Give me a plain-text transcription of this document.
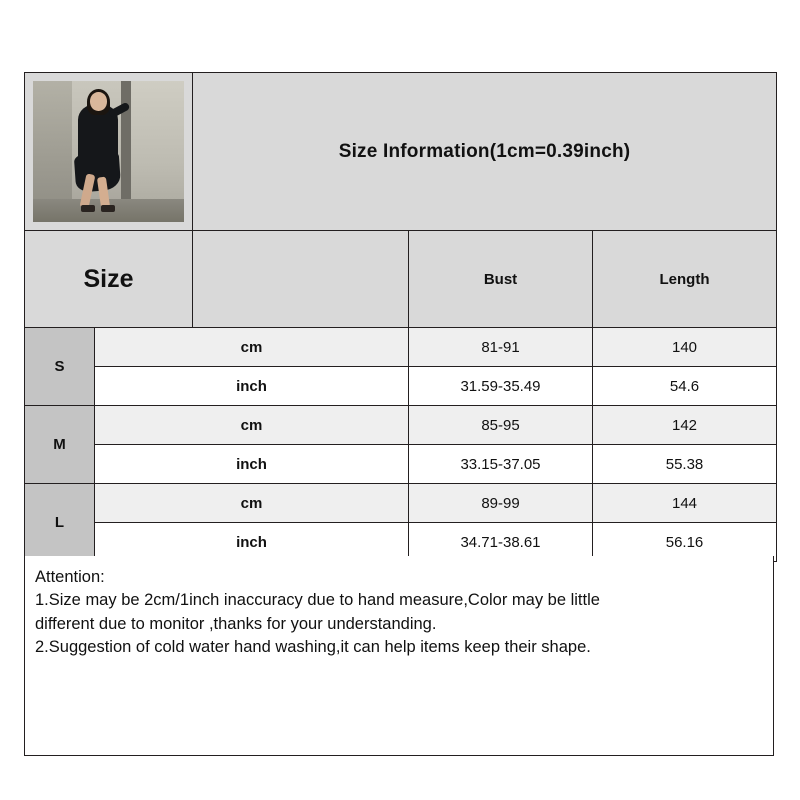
		Size Information(1cm=0.39inch)		
Size			Bust	Length
S	cm		81-91	140
	inch		31.59-35.49	54.6
M	cm		85-95	142
	inch		33.15-37.05	55.38
L	cm		89-99	144
	inch		34.71-38.61	56.16

Attention:

1.Size may be 2cm/1inch inaccuracy due to hand measure,Color may be little

different due to monitor ,thanks for your understanding.

2.Suggestion of cold water hand washing,it can help items keep their shape.
